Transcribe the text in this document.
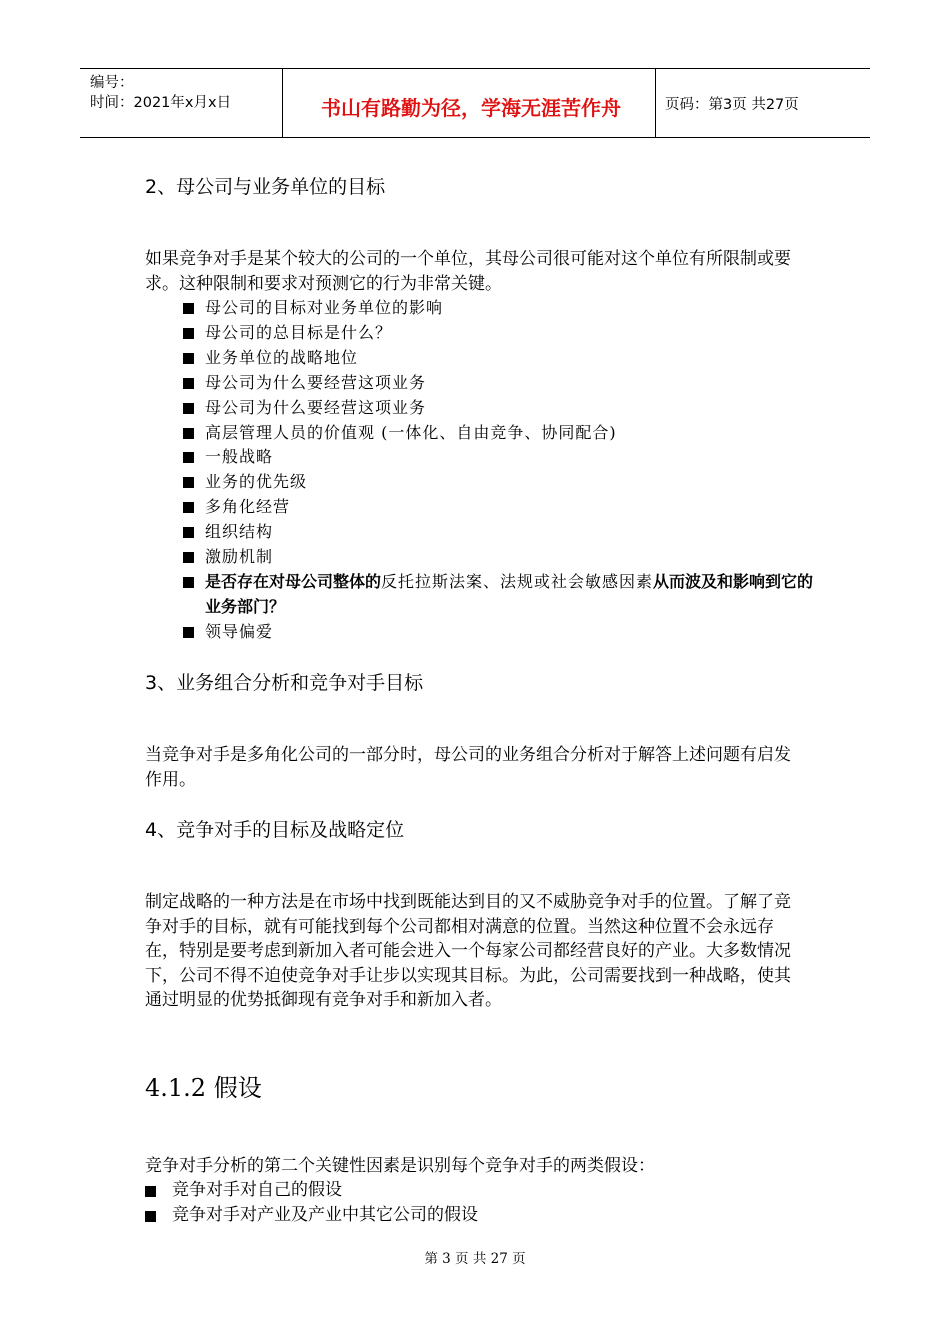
编号：
时间：2021年x月x日	书山有路勤为径，学海无涯苦作舟	页码：第3页 共27页
2、母公司与业务单位的目标
如果竞争对手是某个较大的公司的一个单位，其母公司很可能对这个单位有所限制或要求。这种限制和要求对预测它的行为非常关键。
母公司的目标对业务单位的影响
母公司的总目标是什么？
业务单位的战略地位
母公司为什么要经营这项业务
母公司为什么要经营这项业务
高层管理人员的价值观 (一体化、自由竞争、协同配合)
一般战略
业务的优先级
多角化经营
组织结构
激励机制
是否存在对母公司整体的反托拉斯法案、法规或社会敏感因素从而波及和影响到它的业务部门？
领导偏爱
3、业务组合分析和竞争对手目标
当竞争对手是多角化公司的一部分时，母公司的业务组合分析对于解答上述问题有启发作用。
4、竞争对手的目标及战略定位
制定战略的一种方法是在市场中找到既能达到目的又不威胁竞争对手的位置。了解了竞争对手的目标，就有可能找到每个公司都相对满意的位置。当然这种位置不会永远存在，特别是要考虑到新加入者可能会进入一个每家公司都经营良好的产业。大多数情况下，公司不得不迫使竞争对手让步以实现其目标。为此，公司需要找到一种战略，使其通过明显的优势抵御现有竞争对手和新加入者。
4.1.2 假设
竞争对手分析的第二个关键性因素是识别每个竞争对手的两类假设：
竞争对手对自己的假设
竞争对手对产业及产业中其它公司的假设
第 3 页 共 27 页
